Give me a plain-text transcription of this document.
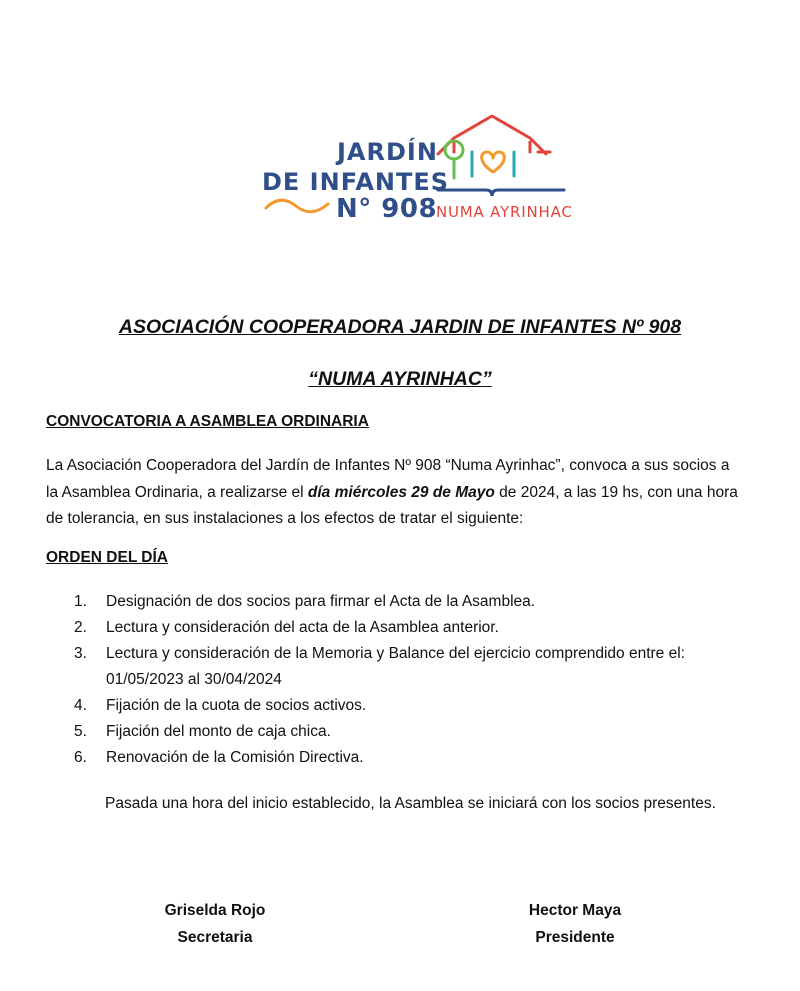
JARDÍN
DE INFANTES
N° 908
NUMA AYRINHAC
ASOCIACIÓN COOPERADORA JARDIN DE INFANTES Nº 908
“NUMA AYRINHAC”
CONVOCATORIA A ASAMBLEA ORDINARIA
La Asociación Cooperadora del Jardín de Infantes Nº 908 “Numa Ayrinhac”, convoca a sus socios a
la Asamblea Ordinaria, a realizarse el día miércoles 29 de Mayo de 2024, a las 19 hs, con una hora
de tolerancia, en sus instalaciones a los efectos de tratar el siguiente:
ORDEN DEL DÍA
1. Designación de dos socios para firmar el Acta de la Asamblea.
2. Lectura y consideración del acta de la Asamblea anterior.
3. Lectura y consideración de la Memoria y Balance del ejercicio comprendido entre el:
01/05/2023 al 30/04/2024
4. Fijación de la cuota de socios activos.
5. Fijación del monto de caja chica.
6. Renovación de la Comisión Directiva.
Pasada una hora del inicio establecido, la Asamblea se iniciará con los socios presentes.
Griselda Rojo
Secretaria
Hector Maya
Presidente
